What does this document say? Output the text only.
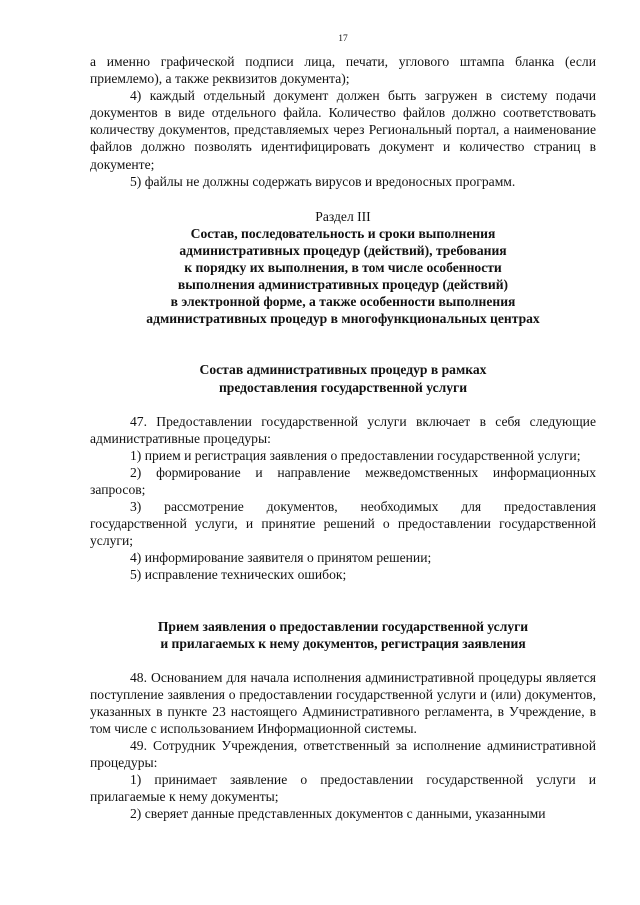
17

а именно графической подписи лица, печати, углового штампа бланка (если приемлемо), а также реквизитов документа);

4) каждый отдельный документ должен быть загружен в систему подачи документов в виде отдельного файла. Количество файлов должно соответствовать количеству документов, представляемых через Региональный портал, а наименование файлов должно позволять идентифицировать документ и количество страниц в документе;

5) файлы не должны содержать вирусов и вредоносных программ.

Раздел III
Состав, последовательность и сроки выполнения
административных процедур (действий), требования
к порядку их выполнения, в том числе особенности
выполнения административных процедур (действий)
в электронной форме, а также особенности выполнения
административных процедур в многофункциональных центрах
Состав административных процедур в рамках
предоставления государственной услуги

47. Предоставлении государственной услуги включает в себя следующие административные процедуры:

1) прием и регистрация заявления о предоставлении государственной услуги;

2) формирование и направление межведомственных информационных запросов;

3) рассмотрение документов, необходимых для предоставления государственной услуги, и принятие решений о предоставлении государственной услуги;

4) информирование заявителя о принятом решении;

5) исправление технических ошибок;

Прием заявления о предоставлении государственной услуги
и прилагаемых к нему документов, регистрация заявления

48. Основанием для начала исполнения административной процедуры является поступление заявления о предоставлении государственной услуги и (или) документов, указанных в пункте 23 настоящего Административного регламента, в Учреждение, в том числе с использованием Информационной системы.

49. Сотрудник Учреждения, ответственный за исполнение административной процедуры:

1) принимает заявление о предоставлении государственной услуги и прилагаемые к нему документы;

2) сверяет данные представленных документов с данными, указанными
